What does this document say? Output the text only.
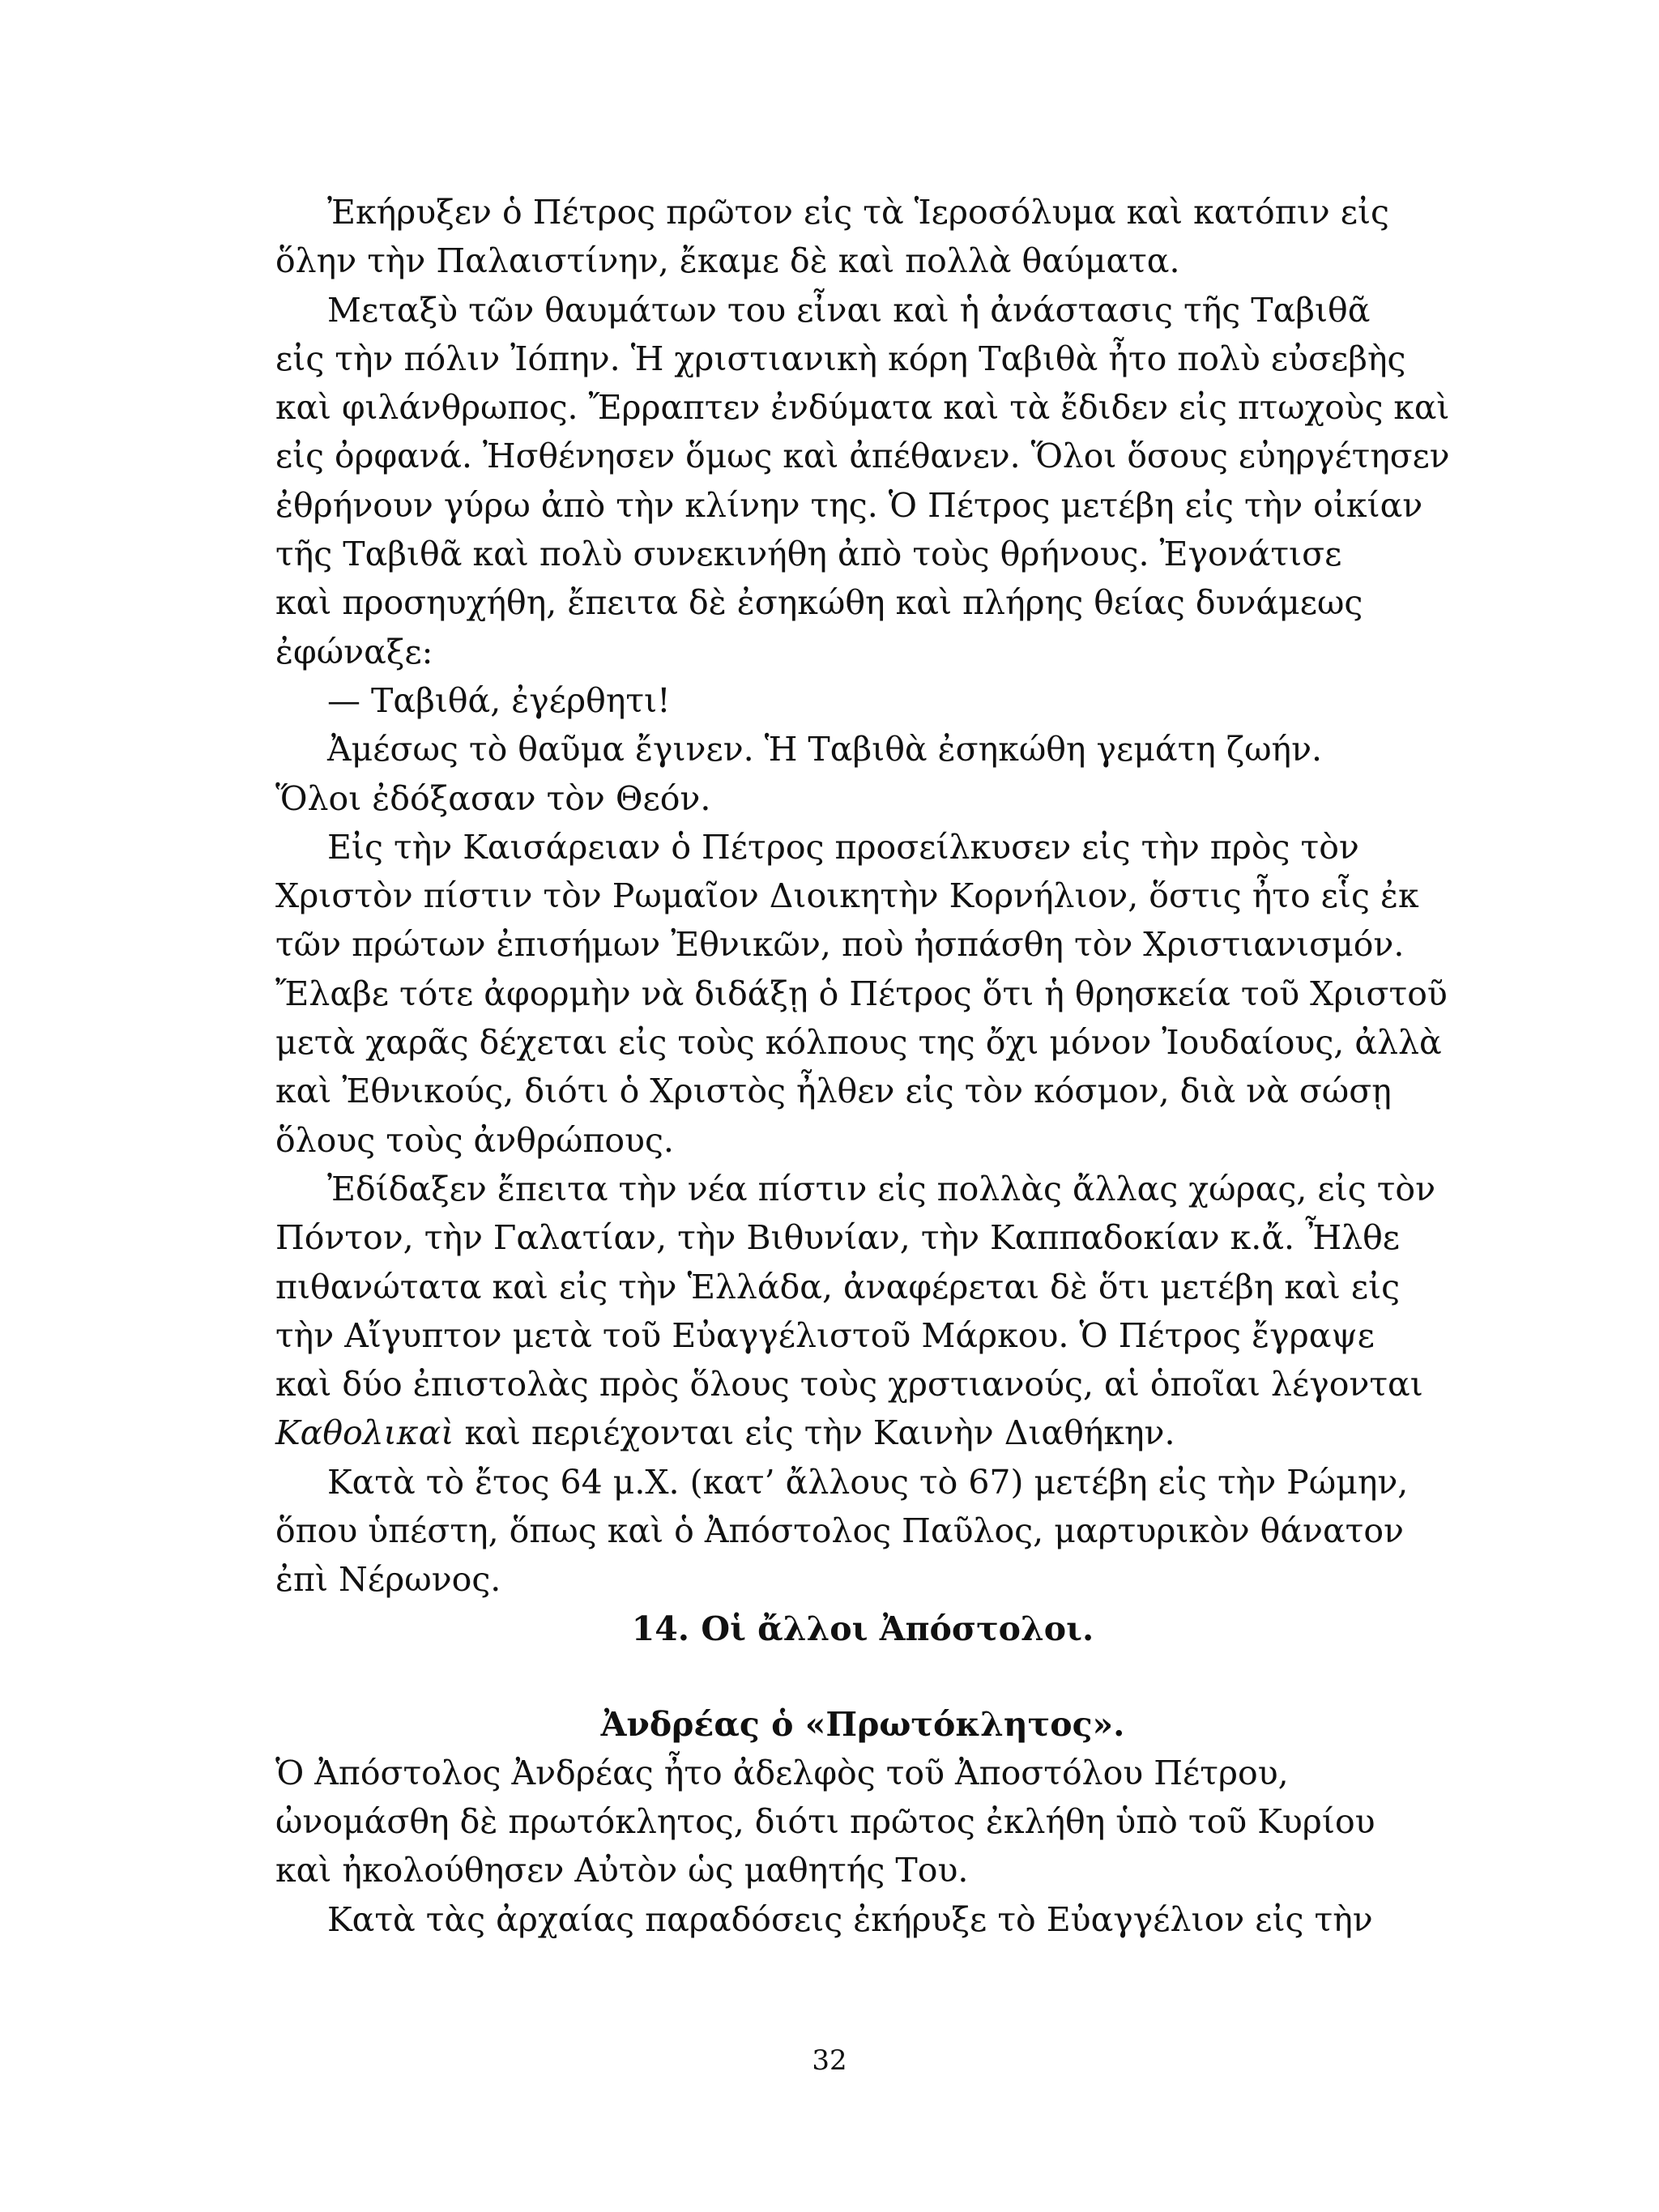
Ἐκήρυξεν ὁ Πέτρος πρῶτον εἰς τὰ Ἱεροσόλυμα καὶ κατόπιν εἰς
ὅλην τὴν Παλαιστίνην, ἔκαμε δὲ καὶ πολλὰ θαύματα.

Μεταξὺ τῶν θαυμάτων του εἶναι καὶ ἡ ἀνάστασις τῆς Ταβιθᾶ
εἰς τὴν πόλιν Ἰόπην. Ἡ χριστιανικὴ κόρη Ταβιθὰ ἦτο πολὺ εὐσεβὴς
καὶ φιλάνθρωπος. Ἔρραπτεν ἐνδύματα καὶ τὰ ἔδιδεν εἰς πτωχοὺς καὶ
εἰς ὀρφανά. Ἠσθένησεν ὅμως καὶ ἀπέθανεν. Ὅλοι ὅσους εὐηργέτησεν
ἐθρήνουν γύρω ἀπὸ τὴν κλίνην της. Ὁ Πέτρος μετέβη εἰς τὴν οἰκίαν
τῆς Ταβιθᾶ καὶ πολὺ συνεκινήθη ἀπὸ τοὺς θρήνους. Ἐγονάτισε
καὶ προσηυχήθη, ἔπειτα δὲ ἐσηκώθη καὶ πλήρης θείας δυνάμεως
ἐφώναξε:

— Ταβιθά, ἐγέρθητι!

Ἀμέσως τὸ θαῦμα ἔγινεν. Ἡ Ταβιθὰ ἐσηκώθη γεμάτη ζωήν.
Ὅλοι ἐδόξασαν τὸν Θεόν.

Εἰς τὴν Καισάρειαν ὁ Πέτρος προσείλκυσεν εἰς τὴν πρὸς τὸν
Χριστὸν πίστιν τὸν Ρωμαῖον Διοικητὴν Κορνήλιον, ὅστις ἦτο εἷς ἐκ
τῶν πρώτων ἐπισήμων Ἐθνικῶν, ποὺ ἠσπάσθη τὸν Χριστιανισμόν.
Ἔλαβε τότε ἀφορμὴν νὰ διδάξῃ ὁ Πέτρος ὅτι ἡ θρησκεία τοῦ Χριστοῦ
μετὰ χαρᾶς δέχεται εἰς τοὺς κόλπους της ὄχι μόνον Ἰουδαίους, ἀλλὰ
καὶ Ἐθνικούς, διότι ὁ Χριστὸς ἦλθεν εἰς τὸν κόσμον, διὰ νὰ σώσῃ
ὅλους τοὺς ἀνθρώπους.

Ἐδίδαξεν ἔπειτα τὴν νέα πίστιν εἰς πολλὰς ἄλλας χώρας, εἰς τὸν
Πόντον, τὴν Γαλατίαν, τὴν Βιθυνίαν, τὴν Καππαδοκίαν κ.ἄ. Ἦλθε
πιθανώτατα καὶ εἰς τὴν Ἑλλάδα, ἀναφέρεται δὲ ὅτι μετέβη καὶ εἰς
τὴν Αἴγυπτον μετὰ τοῦ Εὐαγγέλιστοῦ Μάρκου. Ὁ Πέτρος ἔγραψε
καὶ δύο ἐπιστολὰς πρὸς ὅλους τοὺς χρστιανούς, αἱ ὁποῖαι λέγονται
Καθολικαὶ καὶ περιέχονται εἰς τὴν Καινὴν Διαθήκην.

Κατὰ τὸ ἔτος 64 μ.Χ. (κατ’ ἄλλους τὸ 67) μετέβη εἰς τὴν Ρώμην,
ὅπου ὑπέστη, ὅπως καὶ ὁ Ἀπόστολος Παῦλος, μαρτυρικὸν θάνατον
ἐπὶ Νέρωνος.

14. Οἱ ἄλλοι Ἀπόστολοι.
Ἀνδρέας ὁ «Πρωτόκλητος».

Ὁ Ἀπόστολος Ἀνδρέας ἦτο ἀδελφὸς τοῦ Ἀποστόλου Πέτρου,
ὠνομάσθη δὲ πρωτόκλητος, διότι πρῶτος ἐκλήθη ὑπὸ τοῦ Κυρίου
καὶ ἠκολούθησεν Αὐτὸν ὡς μαθητής Του.

Κατὰ τὰς ἀρχαίας παραδόσεις ἐκήρυξε τὸ Εὐαγγέλιον εἰς τὴν

32
